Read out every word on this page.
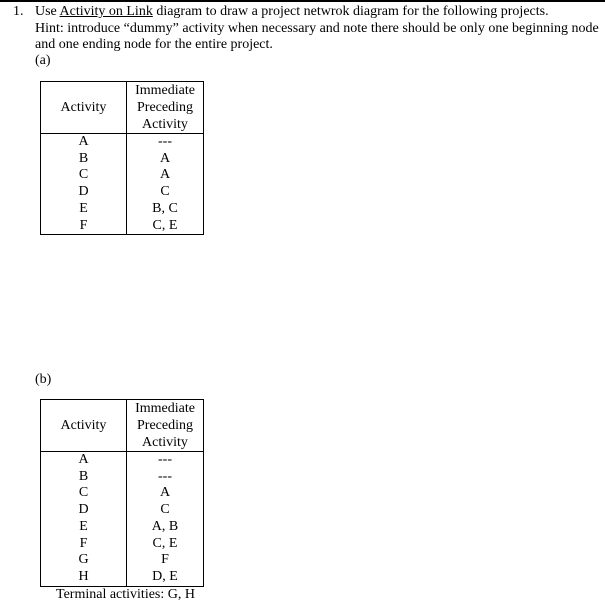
1. Use Activity on Link diagram to draw a project netwrok diagram for the following projects.
Hint: introduce “dummy” activity when necessary and note there should be only one beginning node and one ending node for the entire project.
(a)
Activity	Immediate
Preceding
Activity

A	---
B	A
C	A
D	C
E	B, C
F	C, E
(b)
Activity	Immediate
Preceding
Activity

A	---
B	---
C	A
D	C
E	A, B
F	C, E
G	F
H	D, E
Terminal activities: G, H
